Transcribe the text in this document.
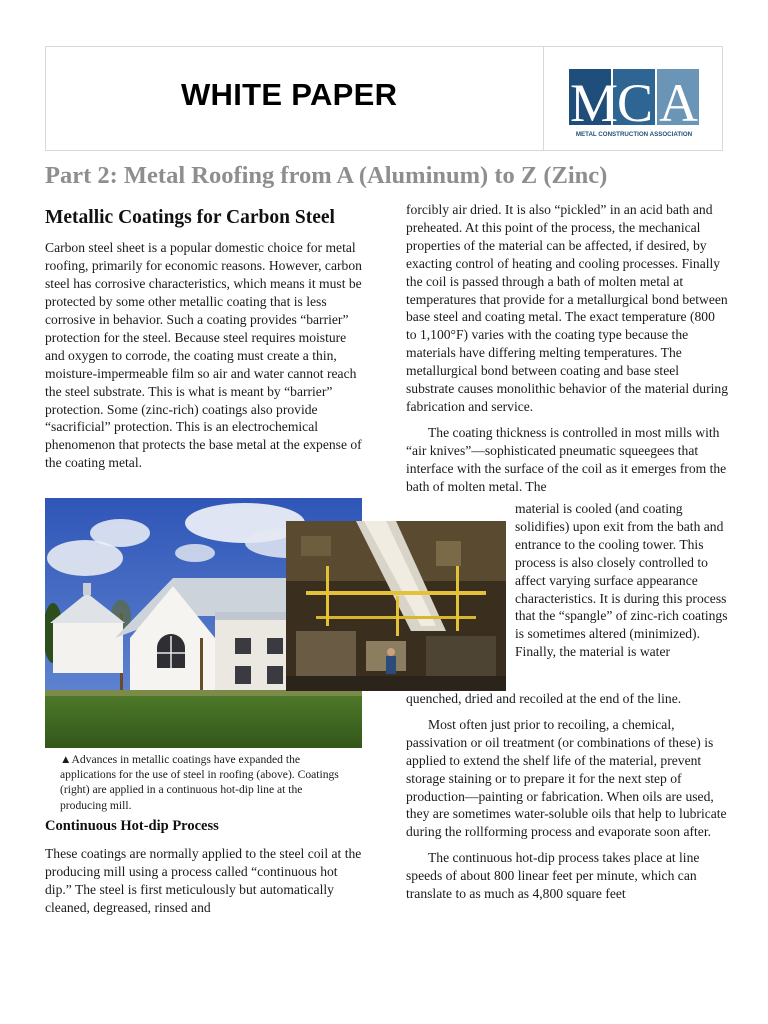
WHITE PAPER	M
C A
METAL CONSTRUCTION ASSOCIATION
Part 2: Metal Roofing from A (Aluminum) to Z (Zinc)
Metallic Coatings for Carbon Steel

Carbon steel sheet is a popular domestic choice for metal roofing, primarily for economic reasons. However, carbon steel has corrosive characteristics, which means it must be protected by some other metallic coating that is less corrosive in behavior. Such a coating provides “barrier” protection for the steel. Because steel requires moisture and oxygen to corrode, the coating must create a thin, moisture-impermeable film so air and water cannot reach the steel substrate. This is what is meant by “barrier” protection. Some (zinc-rich) coatings also provide “sacrificial” protection. This is an electrochemical phenomenon that protects the base metal at the expense of the coating metal.

▲Advances in metallic coatings have expanded the applications for the use of steel in roofing (above). Coatings (right) are applied in a continuous hot-dip line at the producing mill.
Continuous Hot-dip Process

These coatings are normally applied to the steel coil at the producing mill using a process called “continuous hot dip.” The steel is first meticulously but automatically cleaned, degreased, rinsed and

forcibly air dried. It is also “pickled” in an acid bath and preheated. At this point of the process, the mechanical properties of the material can be affected, if desired, by exacting control of heating and cooling processes. Finally the coil is passed through a bath of molten metal at temperatures that provide for a metallurgical bond between base steel and coating metal. The exact temperature (800 to 1,100°F) varies with the coating type because the materials have differing melting temperatures. The metallurgical bond between coating and base steel substrate causes monolithic behavior of the material during fabrication and service.

The coating thickness is controlled in most mills with “air knives”—sophisticated pneumatic squeegees that interface with the surface of the coil as it emerges from the bath of molten metal. The

material is cooled (and coating solidifies) upon exit from the bath and entrance to the cooling tower. This process is also closely controlled to affect varying surface appearance characteristics. It is during this process that the “spangle” of zinc-rich coatings is sometimes altered (minimized). Finally, the material is water

quenched, dried and recoiled at the end of the line.

Most often just prior to recoiling, a chemical, passivation or oil treatment (or combinations of these) is applied to extend the shelf life of the material, prevent storage staining or to prepare it for the next step of production—painting or fabrication. When oils are used, they are sometimes water-soluble oils that help to lubricate during the rollforming process and evaporate soon after.

The continuous hot-dip process takes place at line speeds of about 800 linear feet per minute, which can translate to as much as 4,800 square feet
